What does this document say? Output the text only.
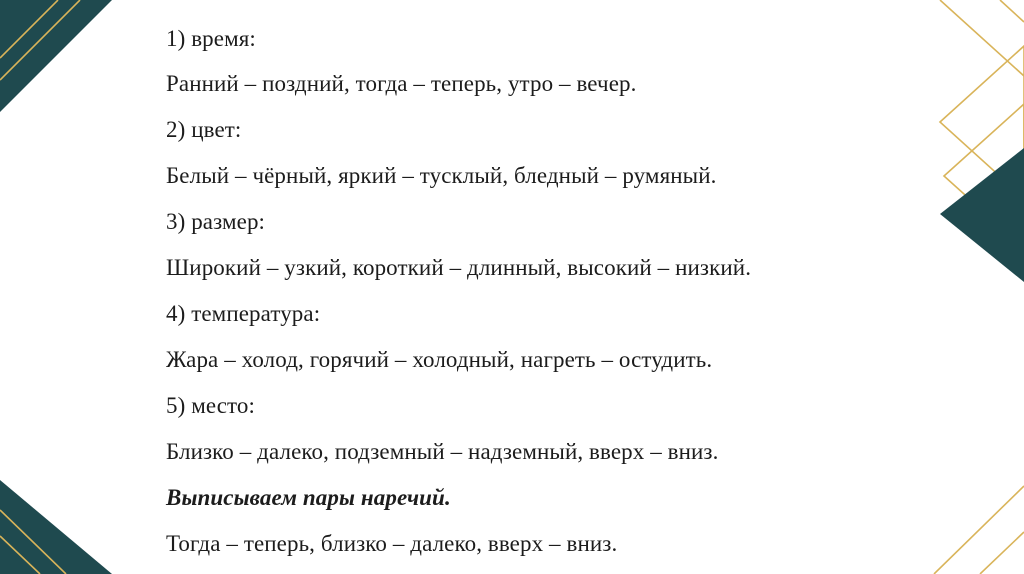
1) время:
Ранний – поздний, тогда – теперь, утро – вечер.
2) цвет:
Белый – чёрный, яркий – тусклый, бледный – румяный.
3) размер:
Широкий – узкий, короткий – длинный, высокий – низкий.
4) температура:
Жара – холод, горячий – холодный, нагреть – остудить.
5) место:
Близко – далеко, подземный – надземный, вверх – вниз.
Выписываем пары наречий.
Тогда – теперь, близко – далеко, вверх – вниз.
